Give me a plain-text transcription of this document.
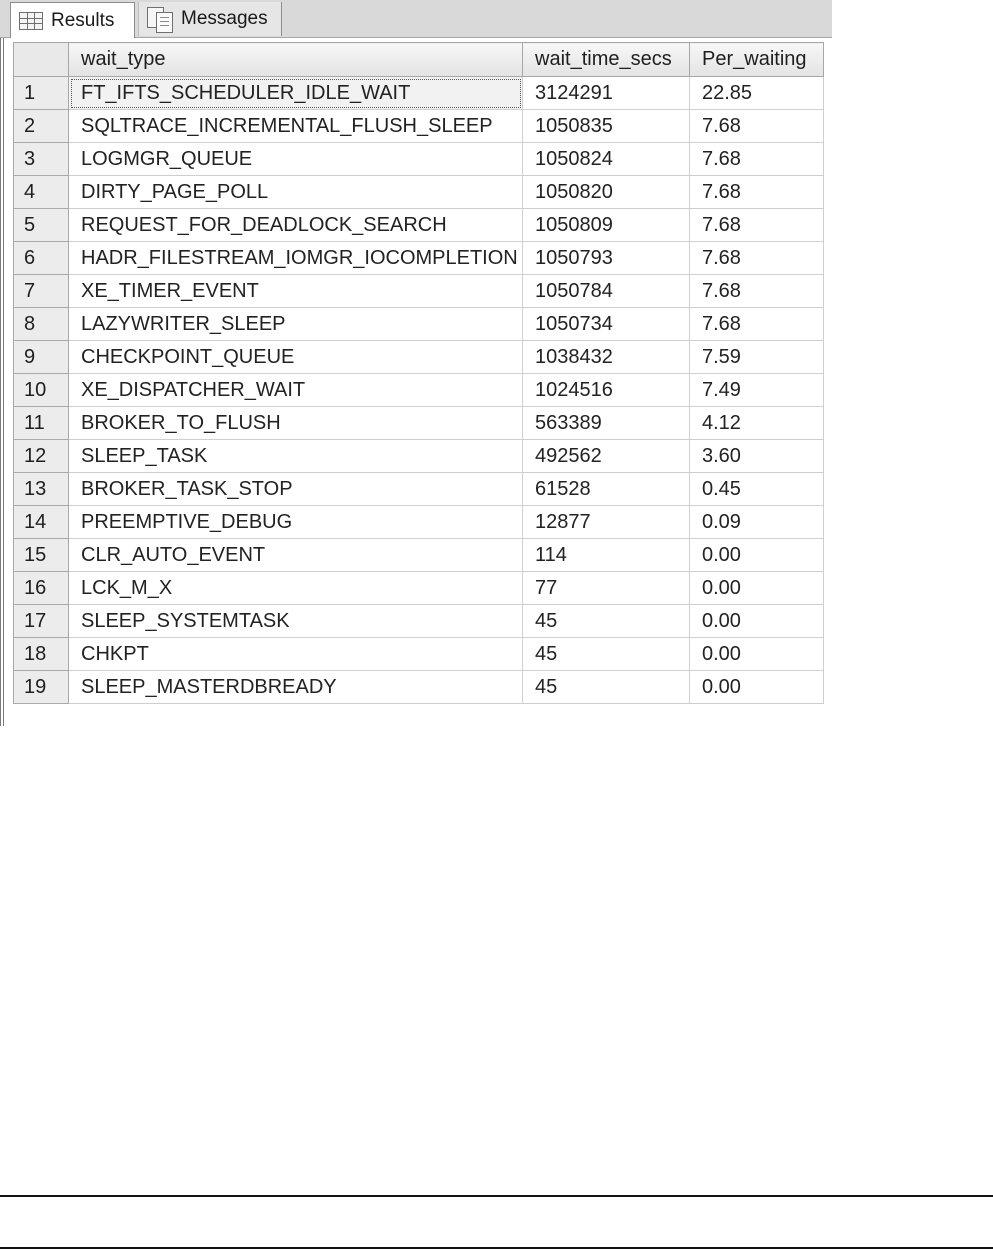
Results	Messages
	wait_type	wait_time_secs	Per_waiting
1	FT_IFTS_SCHEDULER_IDLE_WAIT	3124291	22.85
2	SQLTRACE_INCREMENTAL_FLUSH_SLEEP	1050835	7.68
3	LOGMGR_QUEUE	1050824	7.68
4	DIRTY_PAGE_POLL	1050820	7.68
5	REQUEST_FOR_DEADLOCK_SEARCH	1050809	7.68
6	HADR_FILESTREAM_IOMGR_IOCOMPLETION	1050793	7.68
7	XE_TIMER_EVENT	1050784	7.68
8	LAZYWRITER_SLEEP	1050734	7.68
9	CHECKPOINT_QUEUE	1038432	7.59
10	XE_DISPATCHER_WAIT	1024516	7.49
11	BROKER_TO_FLUSH	563389	4.12
12	SLEEP_TASK	492562	3.60
13	BROKER_TASK_STOP	61528	0.45
14	PREEMPTIVE_DEBUG	12877	0.09
15	CLR_AUTO_EVENT	114	0.00
16	LCK_M_X	77	0.00
17	SLEEP_SYSTEMTASK	45	0.00
18	CHKPT	45	0.00
19	SLEEP_MASTERDBREADY	45	0.00
